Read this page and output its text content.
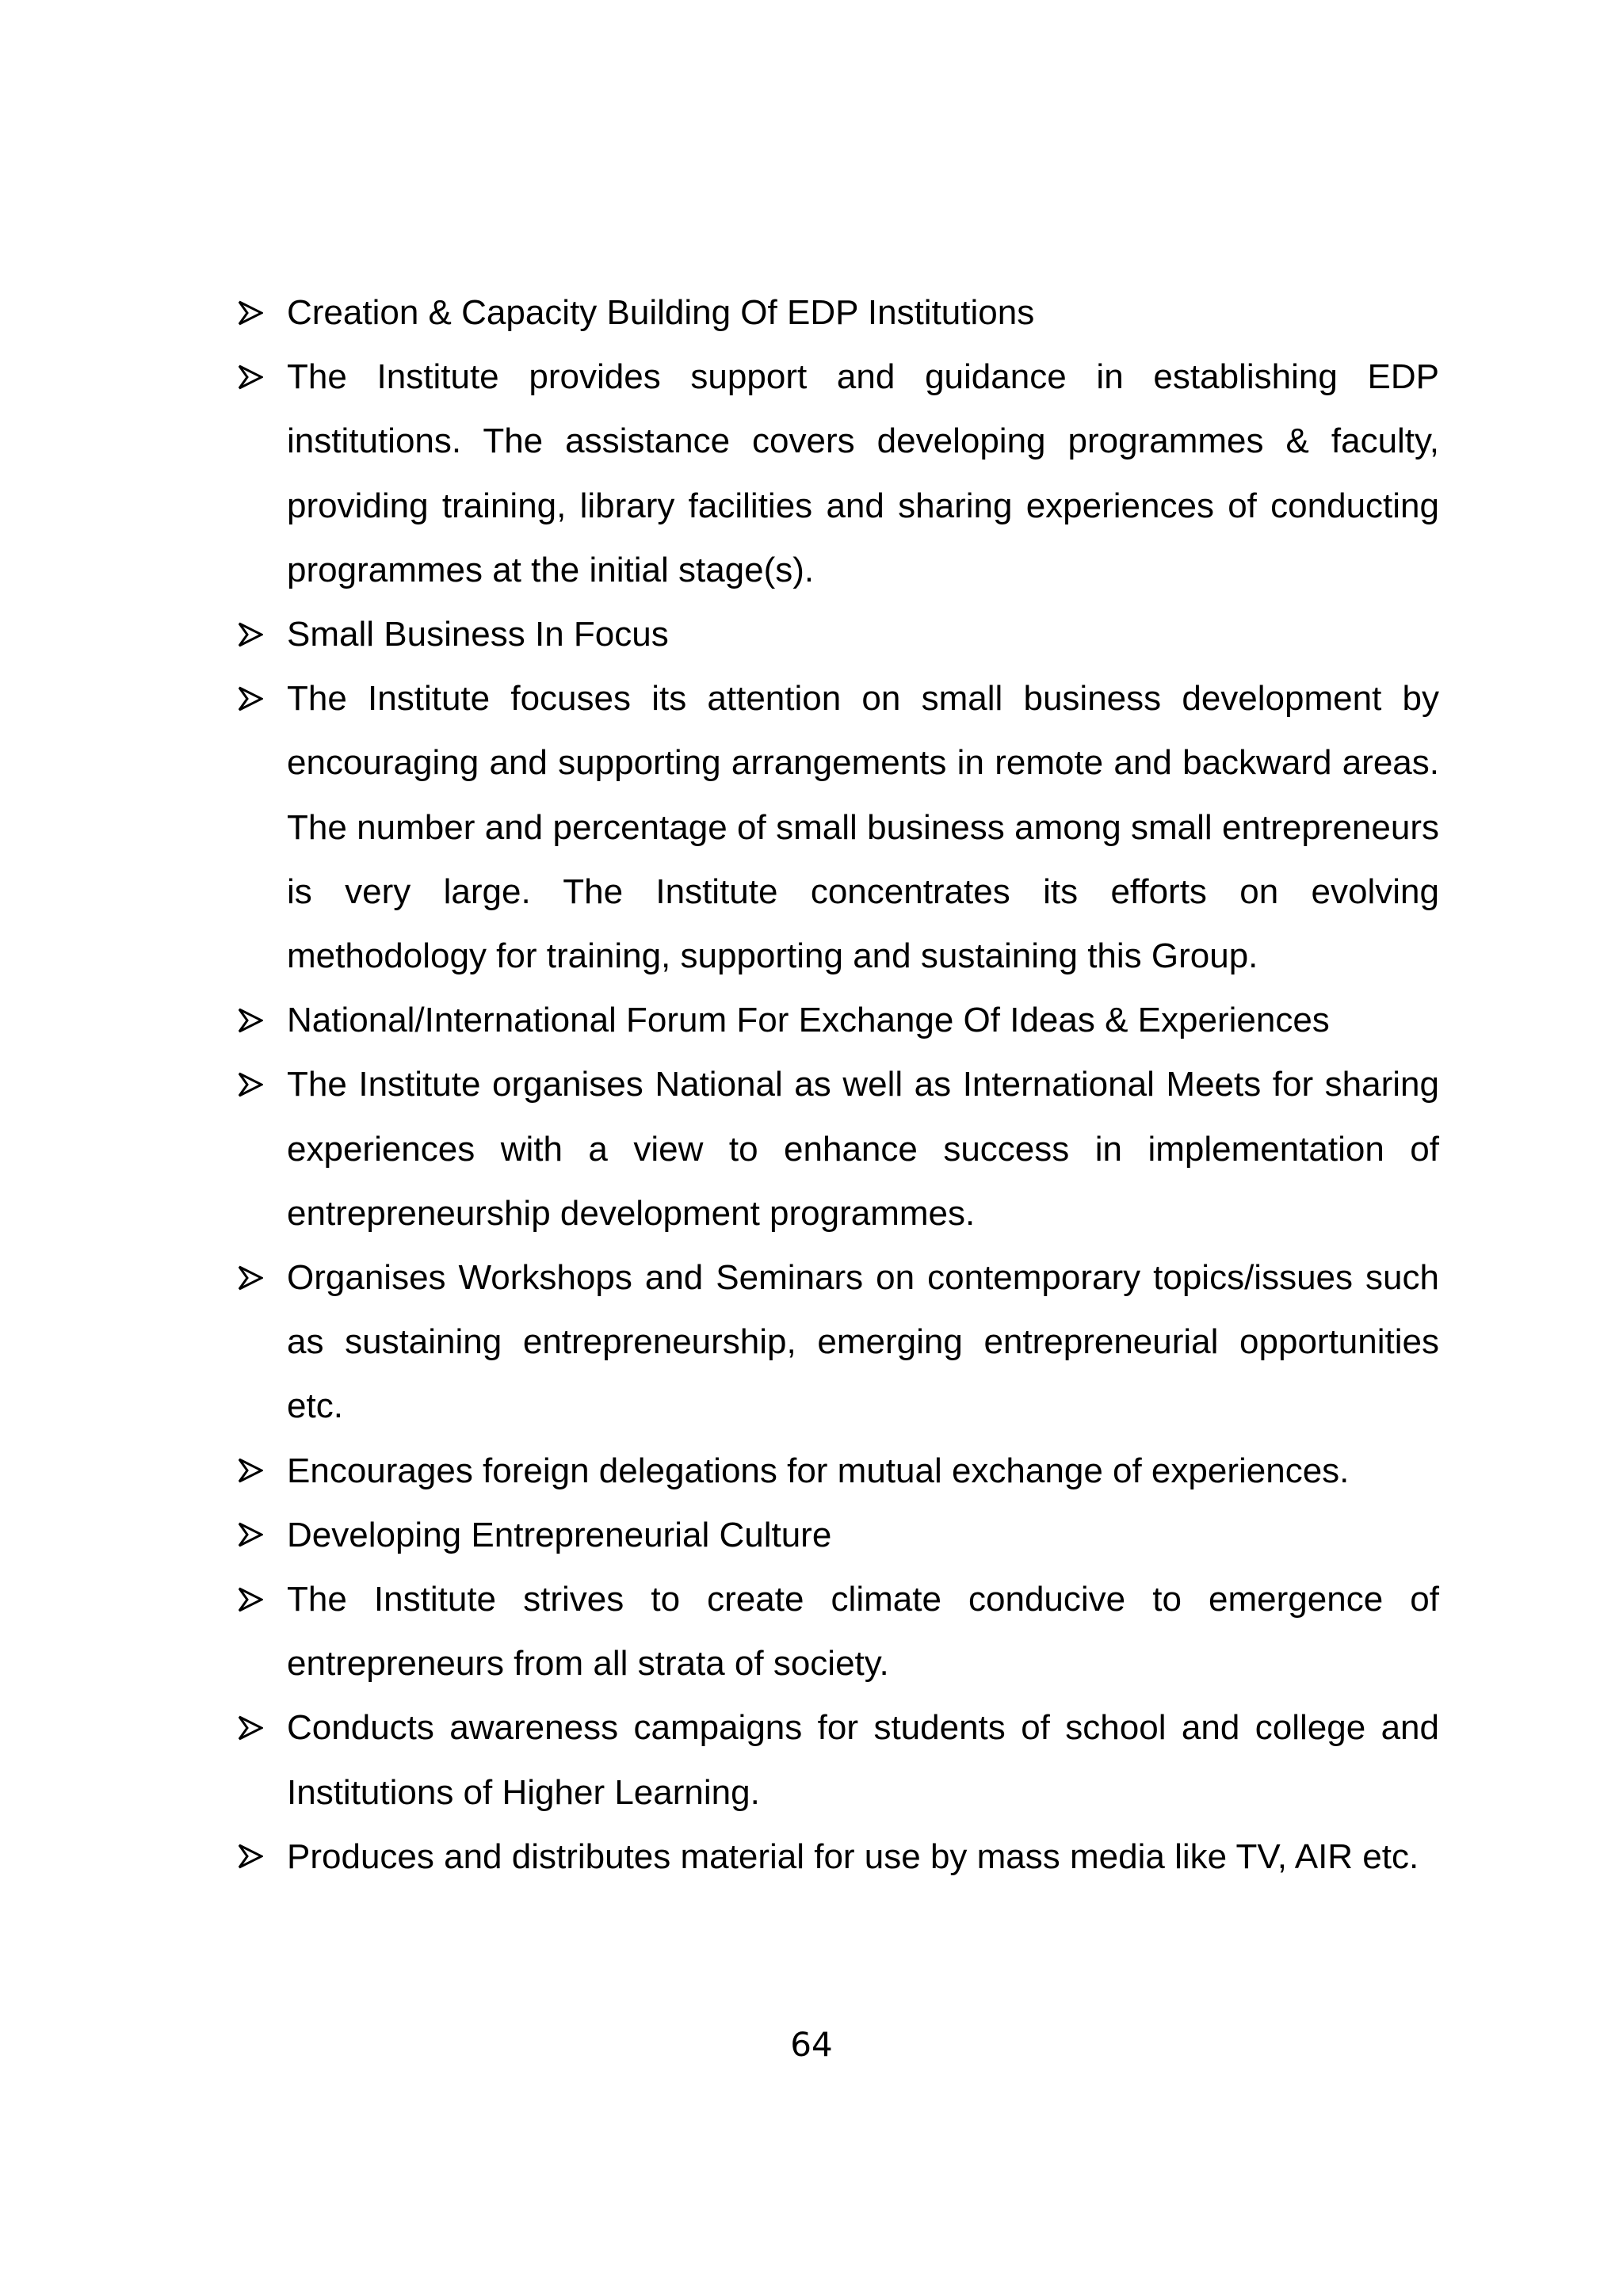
Creation & Capacity Building Of EDP Institutions
The Institute provides support and guidance in establishing EDP institutions. The assistance covers developing programmes & faculty, providing training, library facilities and sharing experiences of conducting programmes at the initial stage(s).
Small Business In Focus
The Institute focuses its attention on small business development by encouraging and supporting arrangements in remote and backward areas. The number and percentage of small business among small entrepreneurs is very large. The Institute concentrates its efforts on evolving methodology for training, supporting and sustaining this Group.
National/International Forum For Exchange Of Ideas & Experiences
The Institute organises National as well as International Meets for sharing experiences with a view to enhance success in implementation of entrepreneurship development programmes.
Organises Workshops and Seminars on contemporary topics/issues such as sustaining entrepreneurship, emerging entrepreneurial opportunities etc.
Encourages foreign delegations for mutual exchange of experiences.
Developing Entrepreneurial Culture
The Institute strives to create climate conducive to emergence of entrepreneurs from all strata of society.
Conducts awareness campaigns for students of school and college and Institutions of Higher Learning.
Produces and distributes material for use by mass media like TV, AIR etc.
64
